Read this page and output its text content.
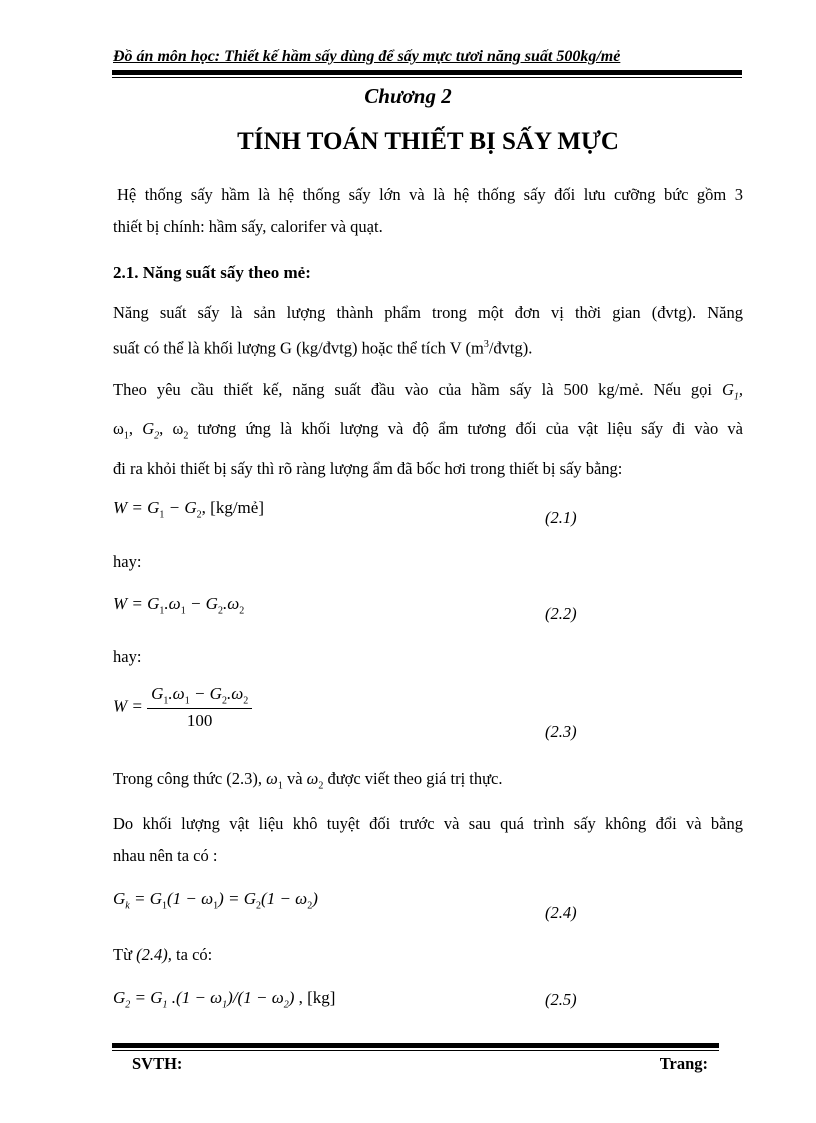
Đồ án môn học: Thiết kế hầm sấy dùng để sấy mực tươi năng suất 500kg/mẻ
Chương 2
TÍNH TOÁN THIẾT BỊ SẤY MỰC
Hệ thống sấy hầm là hệ thống sấy lớn và là hệ thống sấy đối lưu cưỡng bức gồm 3
thiết bị chính: hầm sấy, calorifer và quạt.
2.1. Năng suất sấy theo mẻ:
Năng suất sấy là sản lượng thành phẩm trong một đơn vị thời gian (đvtg). Năng
suất có thể là khối lượng G (kg/đvtg) hoặc thể tích V $(m^3/đvtg)$.
Theo yêu cầu thiết kế, năng suất đầu vào của hầm sấy là 500 kg/mẻ. Nếu gọi $G_1$,
$\omega_1$, $G_2$, $\omega_2$ tương ứng là khối lượng và độ ẩm tương đối của vật liệu sấy đi vào và
đi ra khỏi thiết bị sấy thì rõ ràng lượng ẩm đã bốc hơi trong thiết bị sấy bằng:
$W = G_1 - G_2$, [kg/mẻ]
(2.1)
hay:
$W = G_1.\omega_1 - G_2.\omega_2$	(2.2)
hay:
$W = \frac{G_1.\omega_1 - G_2.\omega_2}{100}$
(2.3)
Trong công thức (2.3), $\omega_1$ và $\omega_2$ được viết theo giá trị thực.
Do khối lượng vật liệu khô tuyệt đối trước và sau quá trình sấy không đổi và bằng
nhau nên ta có :
$G_k = G_1(1 - \omega_1) = G_2(1 - \omega_2)$
(2.4)
Từ (2.4), ta có:
$G_2 = G_1$ $.(1 - \omega_1)/(1 - \omega_2)$ , [kg]	(2.5)
SVTH:	Trang:
